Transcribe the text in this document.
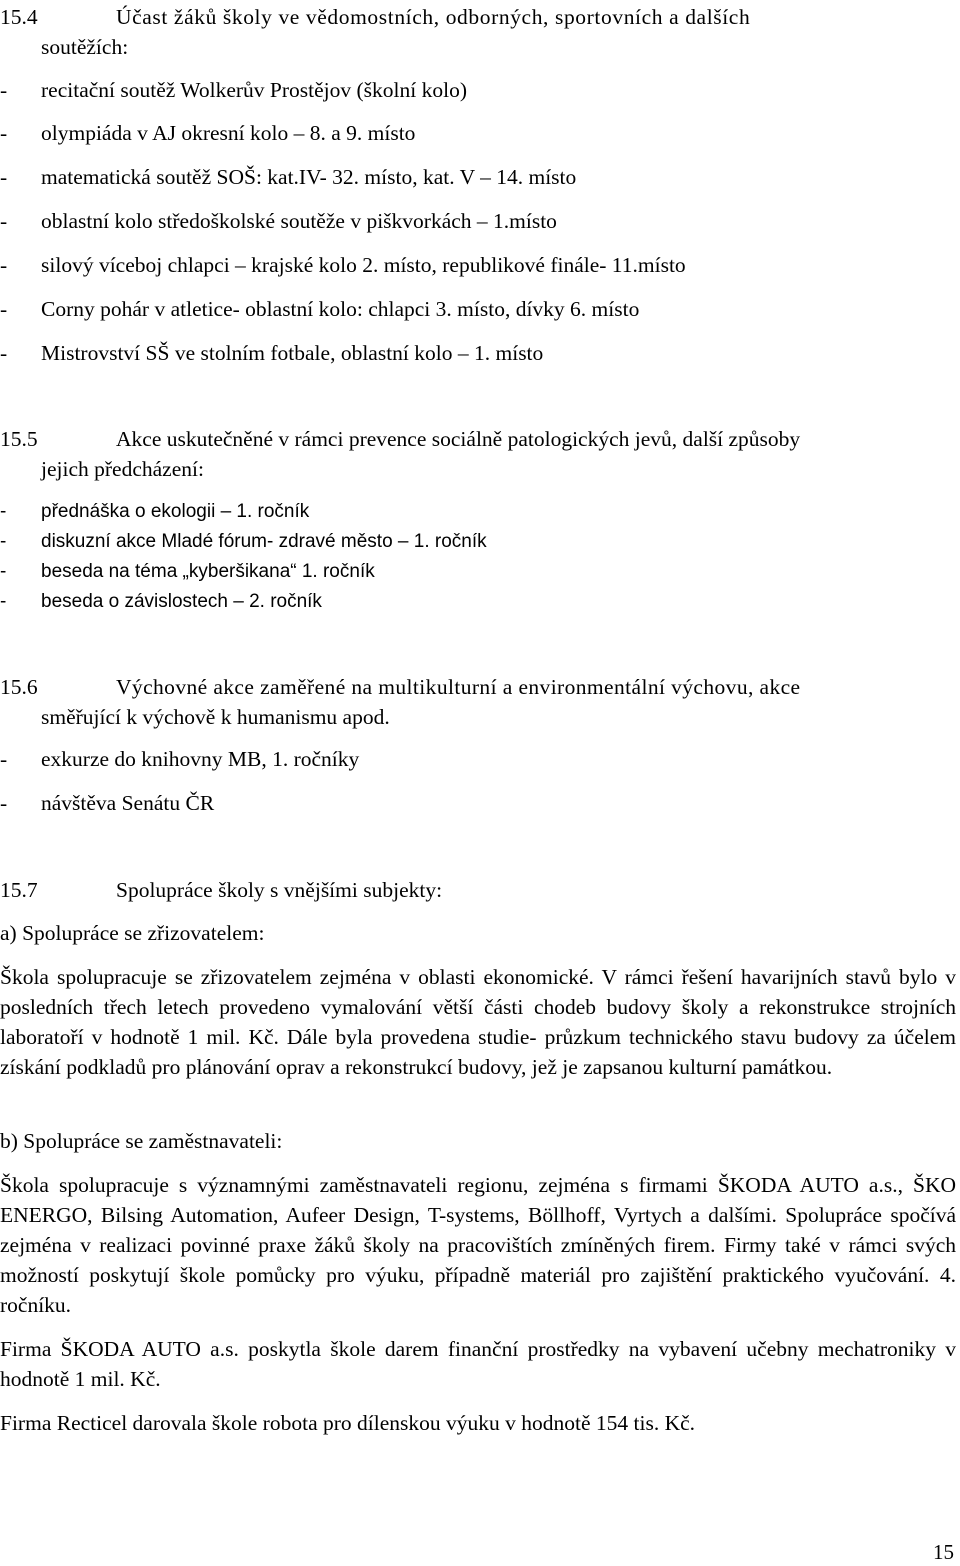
15.4	Účast žáků školy ve vědomostních, odborných, sportovních a dalších
soutěžích:
- recitační soutěž Wolkerův Prostějov (školní kolo)
- olympiáda v AJ okresní kolo – 8. a 9. místo
- matematická soutěž SOŠ: kat.IV- 32. místo, kat. V – 14. místo
- oblastní kolo středoškolské soutěže v piškvorkách – 1.místo
- silový víceboj chlapci – krajské kolo 2. místo, republikové finále- 11.místo
- Corny pohár v atletice- oblastní kolo: chlapci 3. místo, dívky 6. místo
- Mistrovství SŠ ve stolním fotbale, oblastní kolo – 1. místo
15.5	Akce uskutečněné v rámci prevence sociálně patologických jevů, další způsoby
jejich předcházení:
- přednáška o ekologii – 1. ročník
- diskuzní akce Mladé fórum- zdravé město – 1. ročník
- beseda na téma „kyberšikana“ 1. ročník
- beseda o závislostech – 2. ročník
15.6	Výchovné akce zaměřené na multikulturní a environmentální výchovu, akce
směřující k výchově k humanismu apod.
- exkurze do knihovny MB, 1. ročníky
- návštěva Senátu ČR
15.7	Spolupráce školy s vnějšími subjekty:
a) Spolupráce se zřizovatelem:
Škola spolupracuje se zřizovatelem zejména v oblasti ekonomické. V rámci řešení havarijních stavů bylo v posledních třech letech provedeno vymalování větší části chodeb budovy školy a rekonstrukce strojních laboratoří v hodnotě 1 mil. Kč. Dále byla provedena studie- průzkum technického stavu budovy za účelem získání podkladů pro plánování oprav a rekonstrukcí budovy, jež je zapsanou kulturní památkou.
b) Spolupráce se zaměstnavateli:
Škola spolupracuje s významnými zaměstnavateli regionu, zejména s firmami ŠKODA AUTO a.s., ŠKO ENERGO, Bilsing Automation, Aufeer Design, T-systems, Böllhoff, Vyrtych a dalšími. Spolupráce spočívá zejména v realizaci povinné praxe žáků školy na pracovištích zmíněných firem. Firmy také v rámci svých možností poskytují škole pomůcky pro výuku, případně materiál pro zajištění praktického vyučování. 4. ročníku.
Firma ŠKODA AUTO a.s. poskytla škole darem finanční prostředky na vybavení učebny mechatroniky v hodnotě 1 mil. Kč.
Firma Recticel darovala škole robota pro dílenskou výuku v hodnotě 154 tis. Kč.
15
